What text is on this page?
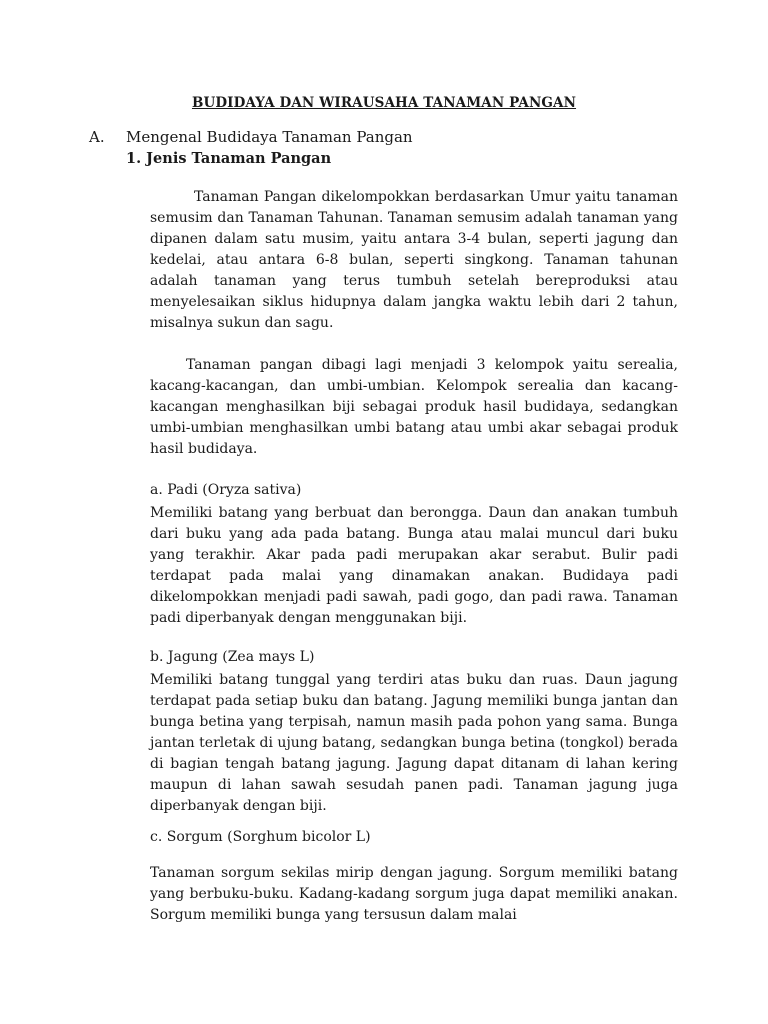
BUDIDAYA DAN WIRAUSAHA TANAMAN PANGAN
A. Mengenal Budidaya Tanaman Pangan
1. Jenis Tanaman Pangan
Tanaman Pangan dikelompokkan berdasarkan Umur yaitu tanaman semusim dan Tanaman Tahunan. Tanaman semusim adalah tanaman yang dipanen dalam satu musim, yaitu antara 3-4 bulan, seperti jagung dan kedelai, atau antara 6-8 bulan, seperti singkong. Tanaman tahunan adalah tanaman yang terus tumbuh setelah bereproduksi atau menyelesaikan siklus hidupnya dalam jangka waktu lebih dari 2 tahun, misalnya sukun dan sagu.
Tanaman pangan dibagi lagi menjadi 3 kelompok yaitu serealia, kacang-kacangan, dan umbi-umbian. Kelompok serealia dan kacang-kacangan menghasilkan biji sebagai produk hasil budidaya, sedangkan umbi-umbian menghasilkan umbi batang atau umbi akar sebagai produk hasil budidaya.
a. Padi (Oryza sativa)
Memiliki batang yang berbuat dan berongga. Daun dan anakan tumbuh dari buku yang ada pada batang. Bunga atau malai muncul dari buku yang terakhir. Akar pada padi merupakan akar serabut. Bulir padi terdapat pada malai yang dinamakan anakan. Budidaya padi dikelompokkan menjadi padi sawah, padi gogo, dan padi rawa. Tanaman padi diperbanyak dengan menggunakan biji.
b. Jagung (Zea mays L)
Memiliki batang tunggal yang terdiri atas buku dan ruas. Daun jagung terdapat pada setiap buku dan batang. Jagung memiliki bunga jantan dan bunga betina yang terpisah, namun masih pada pohon yang sama. Bunga jantan terletak di ujung batang, sedangkan bunga betina (tongkol) berada di bagian tengah batang jagung. Jagung dapat ditanam di lahan kering maupun di lahan sawah sesudah panen padi. Tanaman jagung juga diperbanyak dengan biji.
c. Sorgum (Sorghum bicolor L)
Tanaman sorgum sekilas mirip dengan jagung. Sorgum memiliki batang yang berbuku-buku. Kadang-kadang sorgum juga dapat memiliki anakan. Sorgum memiliki bunga yang tersusun dalam malai
